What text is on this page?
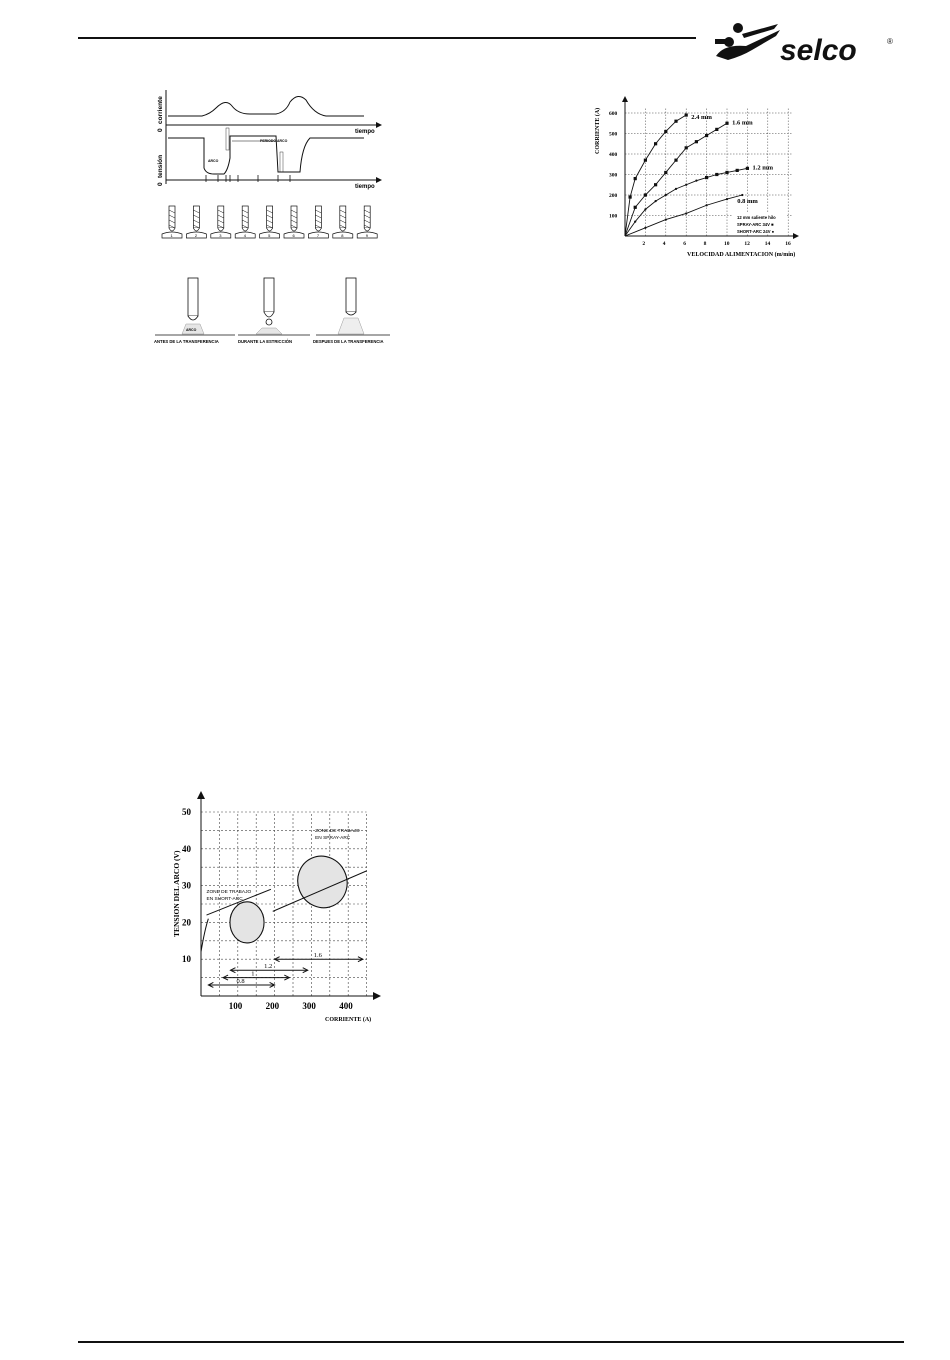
selco	®
corriente
tensión
0
0
tiempo
tiempo
PERIODO ARCO
ARCO
1	2	3	4	5	6	7	8	9
ARCO
ANTES DE LA TRANSFERENCIA	DURANTE LA ESTRICCIÓN	DESPUES DE LA TRANSFERENCIA
2	4	6	8	10	12	14	16
100
200
300
400
500
600
2.4 mm
1.6 mm
1.2 mm
0.8 mm
CORRIENTE (A)
VELOCIDAD ALIMENTACION (m/min)
12 mm saliente hilo
SPRAY-ARC 34V ■
SHORT-ARC 24V ●
ZONE DE TRABAJO
EN SHORT-ARC
ZONE DE TRABAJO
EN SPRAY-ARC
1.6
1.2
1
0.8
100	200	300	400
10
20
30
40
50
TENSION DEL ARCO (V)
CORRIENTE (A)
